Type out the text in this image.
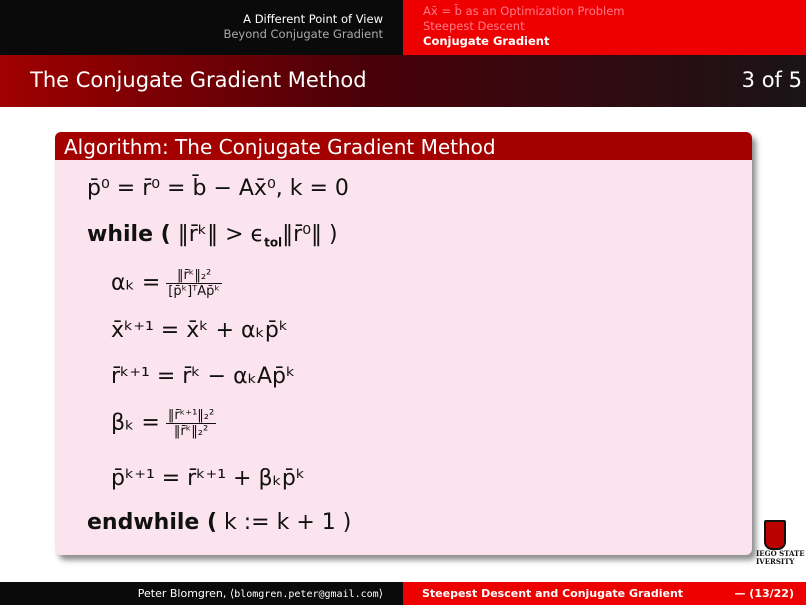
A Different Point of View
Beyond Conjugate Gradient
Ax̄ = b̄ as an Optimization Problem
Steepest Descent
Conjugate Gradient
The Conjugate Gradient Method	3 of 5
Algorithm: The Conjugate Gradient Method
p̄⁰ = r̄⁰ = b̄ − Ax̄⁰, k = 0
while ( ‖r̄ᵏ‖ > $\epsilon_{tol}‖r̄^0‖$ )
$\alpha_k = \frac{\text{‖r̄ᵏ‖₂²}}{\text{[p̄ᵏ]ᵀAp̄ᵏ}}$
x̄ᵏ⁺¹ = x̄ᵏ + αₖp̄ᵏ
r̄ᵏ⁺¹ = r̄ᵏ − αₖAp̄ᵏ
$\beta_k = \frac{\text{‖r̄ᵏ⁺¹‖₂²}}{\text{‖r̄ᵏ‖₂²}}$
p̄ᵏ⁺¹ = r̄ᵏ⁺¹ + βₖp̄ᵏ
endwhile ( k := k + 1 )
IEGO STATE
IVERSITY
Peter Blomgren, ⟨blomgren.peter@gmail.com⟩	Steepest Descent and Conjugate Gradient	— (13/22)
